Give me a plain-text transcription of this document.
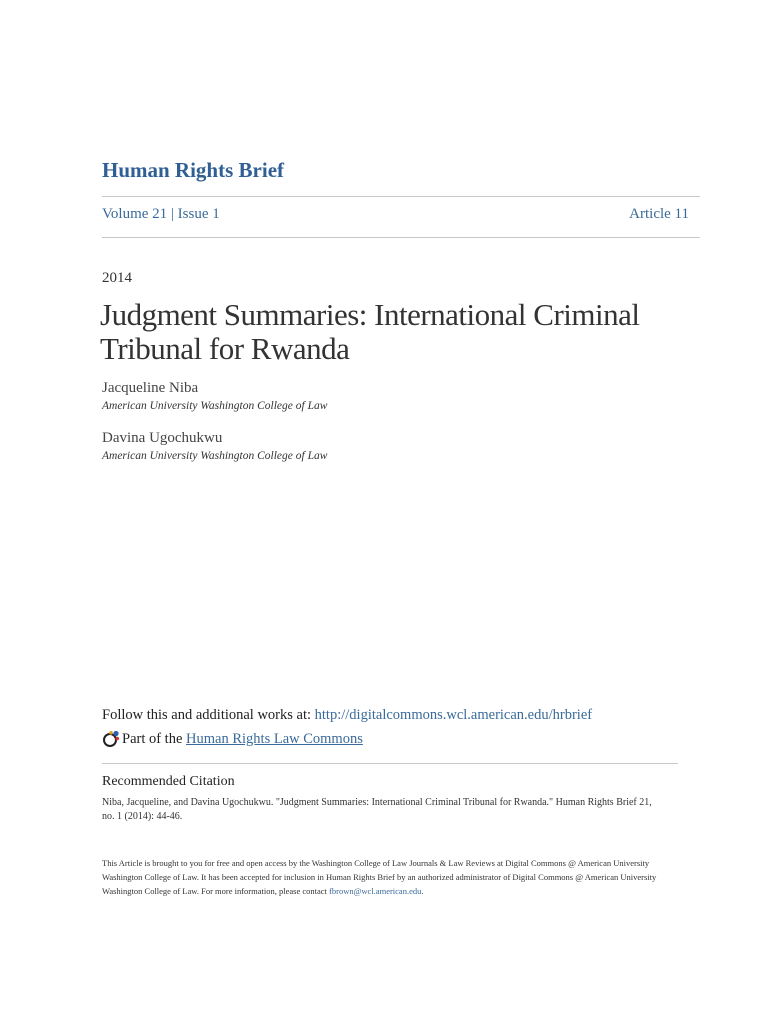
Human Rights Brief
Volume 21 | Issue 1	Article 11
2014
Judgment Summaries: International Criminal Tribunal for Rwanda
Jacqueline Niba
American University Washington College of Law
Davina Ugochukwu
American University Washington College of Law
Follow this and additional works at: http://digitalcommons.wcl.american.edu/hrbrief
Part of the
Human Rights Law Commons
Recommended Citation
Niba, Jacqueline, and Davina Ugochukwu. "Judgment Summaries: International Criminal Tribunal for Rwanda." Human Rights Brief 21, no. 1 (2014): 44-46.
This Article is brought to you for free and open access by the Washington College of Law Journals & Law Reviews at Digital Commons @ American University Washington College of Law. It has been accepted for inclusion in Human Rights Brief by an authorized administrator of Digital Commons @ American University Washington College of Law. For more information, please contact fbrown@wcl.american.edu.
